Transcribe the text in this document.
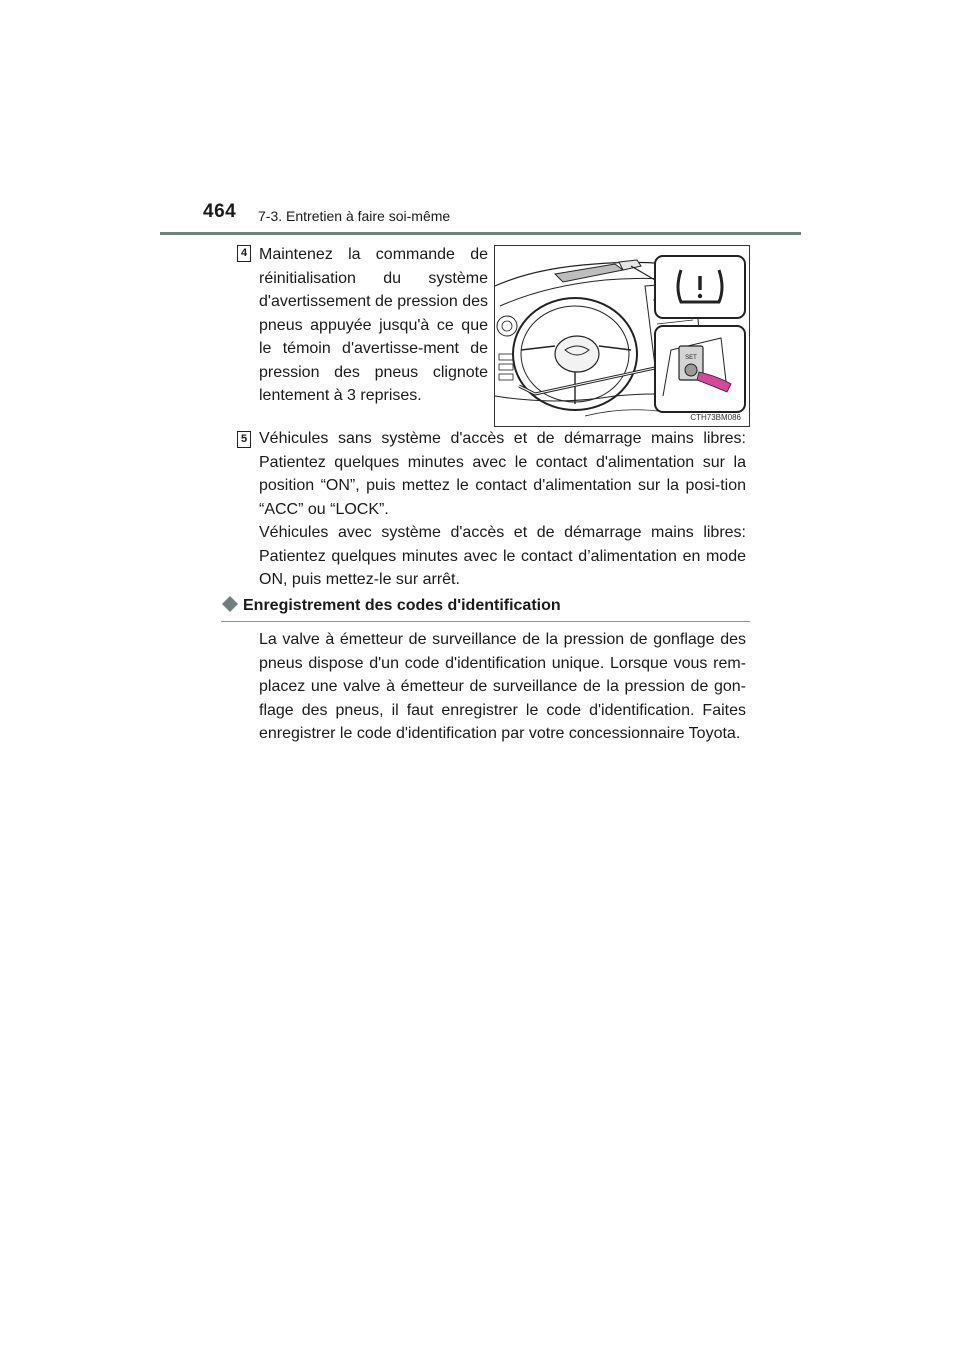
464 7-3. Entretien à faire soi-même
4 Maintenez la commande de réinitialisation du système d'avertissement de pression des pneus appuyée jusqu'à ce que le témoin d'avertisse-ment de pression des pneus clignote lentement à 3 reprises.
SET
CTH73BM086
5 Véhicules sans système d'accès et de démarrage mains libres: Patientez quelques minutes avec le contact d'alimentation sur la position “ON”, puis mettez le contact d'alimentation sur la posi-tion “ACC” ou “LOCK”.

Véhicules avec système d'accès et de démarrage mains libres: Patientez quelques minutes avec le contact d’alimentation en mode ON, puis mettez-le sur arrêt.

Enregistrement des codes d'identification

La valve à émetteur de surveillance de la pression de gonflage des pneus dispose d'un code d'identification unique. Lorsque vous rem-placez une valve à émetteur de surveillance de la pression de gon-flage des pneus, il faut enregistrer le code d'identification. Faites enregistrer le code d'identification par votre concessionnaire Toyota.
